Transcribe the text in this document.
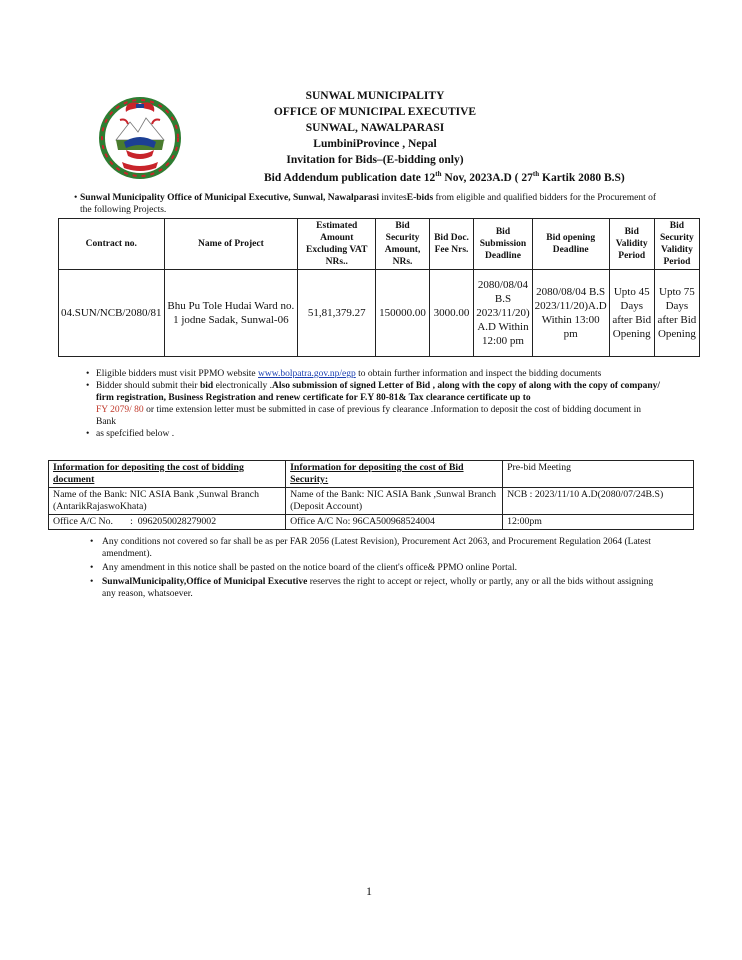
SUNWAL MUNICIPALITY
OFFICE OF MUNICIPAL EXECUTIVE
SUNWAL, NAWALPARASI
LumbiniProvince , Nepal
Invitation for Bids–(E-bidding only)
Bid Addendum publication date 12th Nov, 2023A.D ( 27th Kartik 2080 B.S)
• Sunwal Municipality Office of Municipal Executive, Sunwal, Nawalparasi invitesE-bids from eligible and qualified bidders for the Procurement of the following Projects.
Contract no.	Name of Project	Estimated Amount Excluding VAT NRs..	Bid Security Amount, NRs.	Bid Doc. Fee Nrs.	Bid Submission Deadline	Bid opening Deadline	Bid Validity Period	Bid Security Validity Period
04.SUN/NCB/2080/81	Bhu Pu Tole Hudai Ward no. 1 jodne Sadak, Sunwal-06	51,81,379.27	150000.00	3000.00	2080/08/04 B.S 2023/11/20) A.D Within 12:00 pm	2080/08/04 B.S 2023/11/20)A.D Within 13:00 pm	Upto 45 Days after Bid Opening	Upto 75 Days after Bid Opening

• Eligible bidders must visit PPMO website www.bolpatra.gov.np/egp to obtain further information and inspect the bidding documents

• Bidder should submit their bid electronically .Also submission of signed Letter of Bid , along with the copy of along with the copy of company/ firm registration, Business Registration and renew certificate for F.Y 80-81& Tax clearance certificate up to
FY 2079/ 80 or time extension letter must be submitted in case of previous fy clearance .Information to deposit the cost of bidding document in Bank

• as spefcified below .

Information for depositing the cost of bidding document	Information for depositing the cost of Bid Security:	Pre-bid Meeting
Name of the Bank: NIC ASIA Bank ,Sunwal Branch (AntarikRajaswoKhata)	Name of the Bank: NIC ASIA Bank ,Sunwal Branch (Deposit Account)	NCB : 2023/11/10 A.D(2080/07/24B.S)
Office A/C No.       :  0962050028279002	Office A/C No: 96CA500968524004	12:00pm

• Any conditions not covered so far shall be as per FAR 2056 (Latest Revision), Procurement Act 2063, and Procurement Regulation 2064 (Latest amendment).

• Any amendment in this notice shall be pasted on the notice board of the client's office& PPMO online Portal.

• SunwalMunicipality,Office of Municipal Executive reserves the right to accept or reject, wholly or partly, any or all the bids without assigning any reason, whatsoever.

1
